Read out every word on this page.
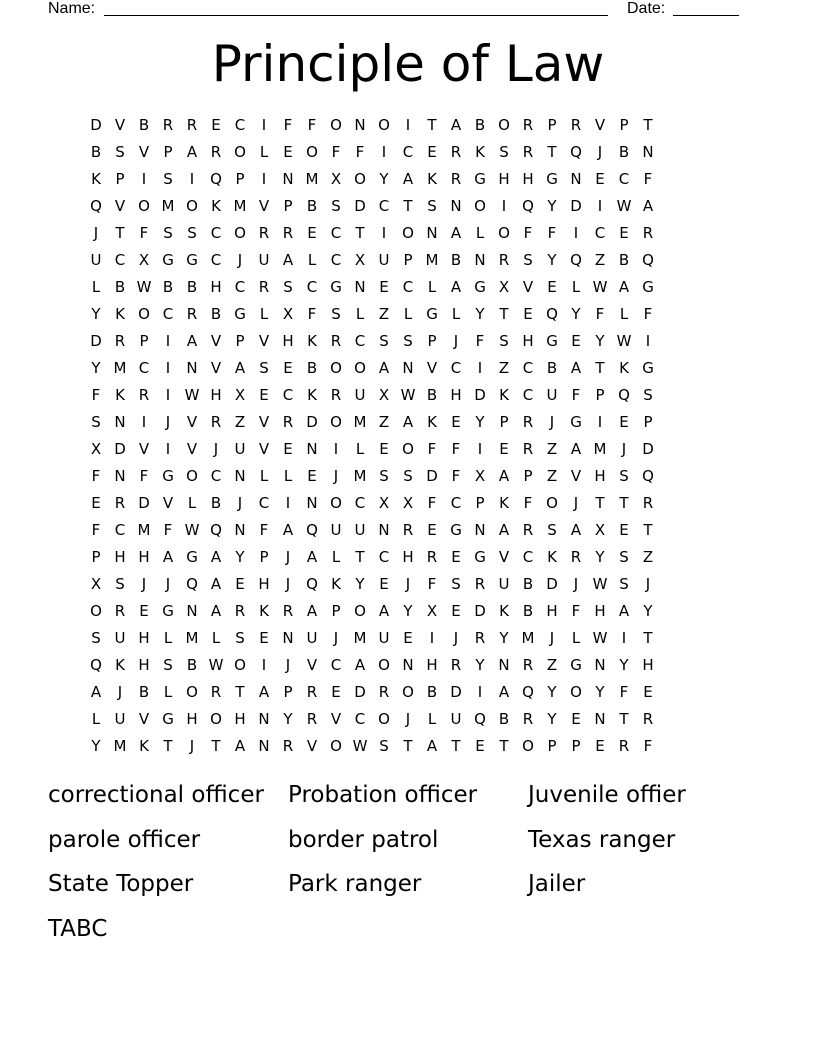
Name:	Date:
Principle of Law
D V B R R E C	I	F	F O N O	I	T A B O R P R V P T
B S V P A R O L	E O F	F	I	C E R K S R T Q	J	B N
K P	I	S	I	Q P	I	N M X O Y A K R G H H G N E C F
Q V O M O K M V P B S D C T S N O	I	Q Y D	I W A
J	T	F S S C O R R E C T	I	O N A L O F	F	I	C E R
U C X G G C	J	U A L C X U P M B N R S Y Q Z B Q
L B W B B H C R S C G N E C L A G X V E	L W A G
Y K O C R B G L X F S	L Z L G L	Y T E Q Y	F	L	F
D R P	I	A V P V H K R C S S P	J	F S H G E Y W I
Y M C	I	N V A S E B O O A N V C	I	Z C B A T K G
F K R	I W H X E C K R U X W B H D K C U F	P Q S
S N	I	J	V R Z V R D O M Z A K E Y P R	J	G	I	E P
X D V	I	V	J	U V E N	I	L	E O F	F	I	E R Z A M	J	D
F N F G O C N L	L	E	J	M S S D F X A P Z V H S Q
E R D V L B	J	C	I	N O C X X F C P K F O	J	T T R
F C M F W Q N F A Q U U N R E G N A R S A X E T
P H H A G A Y P	J	A L	T C H R E G V C K R Y S Z
X S	J	J	Q A E H	J	Q K Y E	J	F S R U B D	J W S	J
O R E G N A R K R A P O A Y X E D K B H F H A Y
S U H L M L	S E N U	J	M U E	I	J	R Y M	J	L W I	T
Q K H S B W O	I	J	V C A O N H R Y N R Z G N Y H
A	J	B L O R T A P R E D R O B D	I	A Q Y O Y	F E
L U V G H O H N Y R V C O	J	L U Q B R Y E N T R
Y M K T	J	T A N R V O W S T A T E T O P P E R F
correctional officer	Probation officer	Juvenile offier
parole officer	border patrol	Texas ranger
State Topper	Park ranger	Jailer
TABC
